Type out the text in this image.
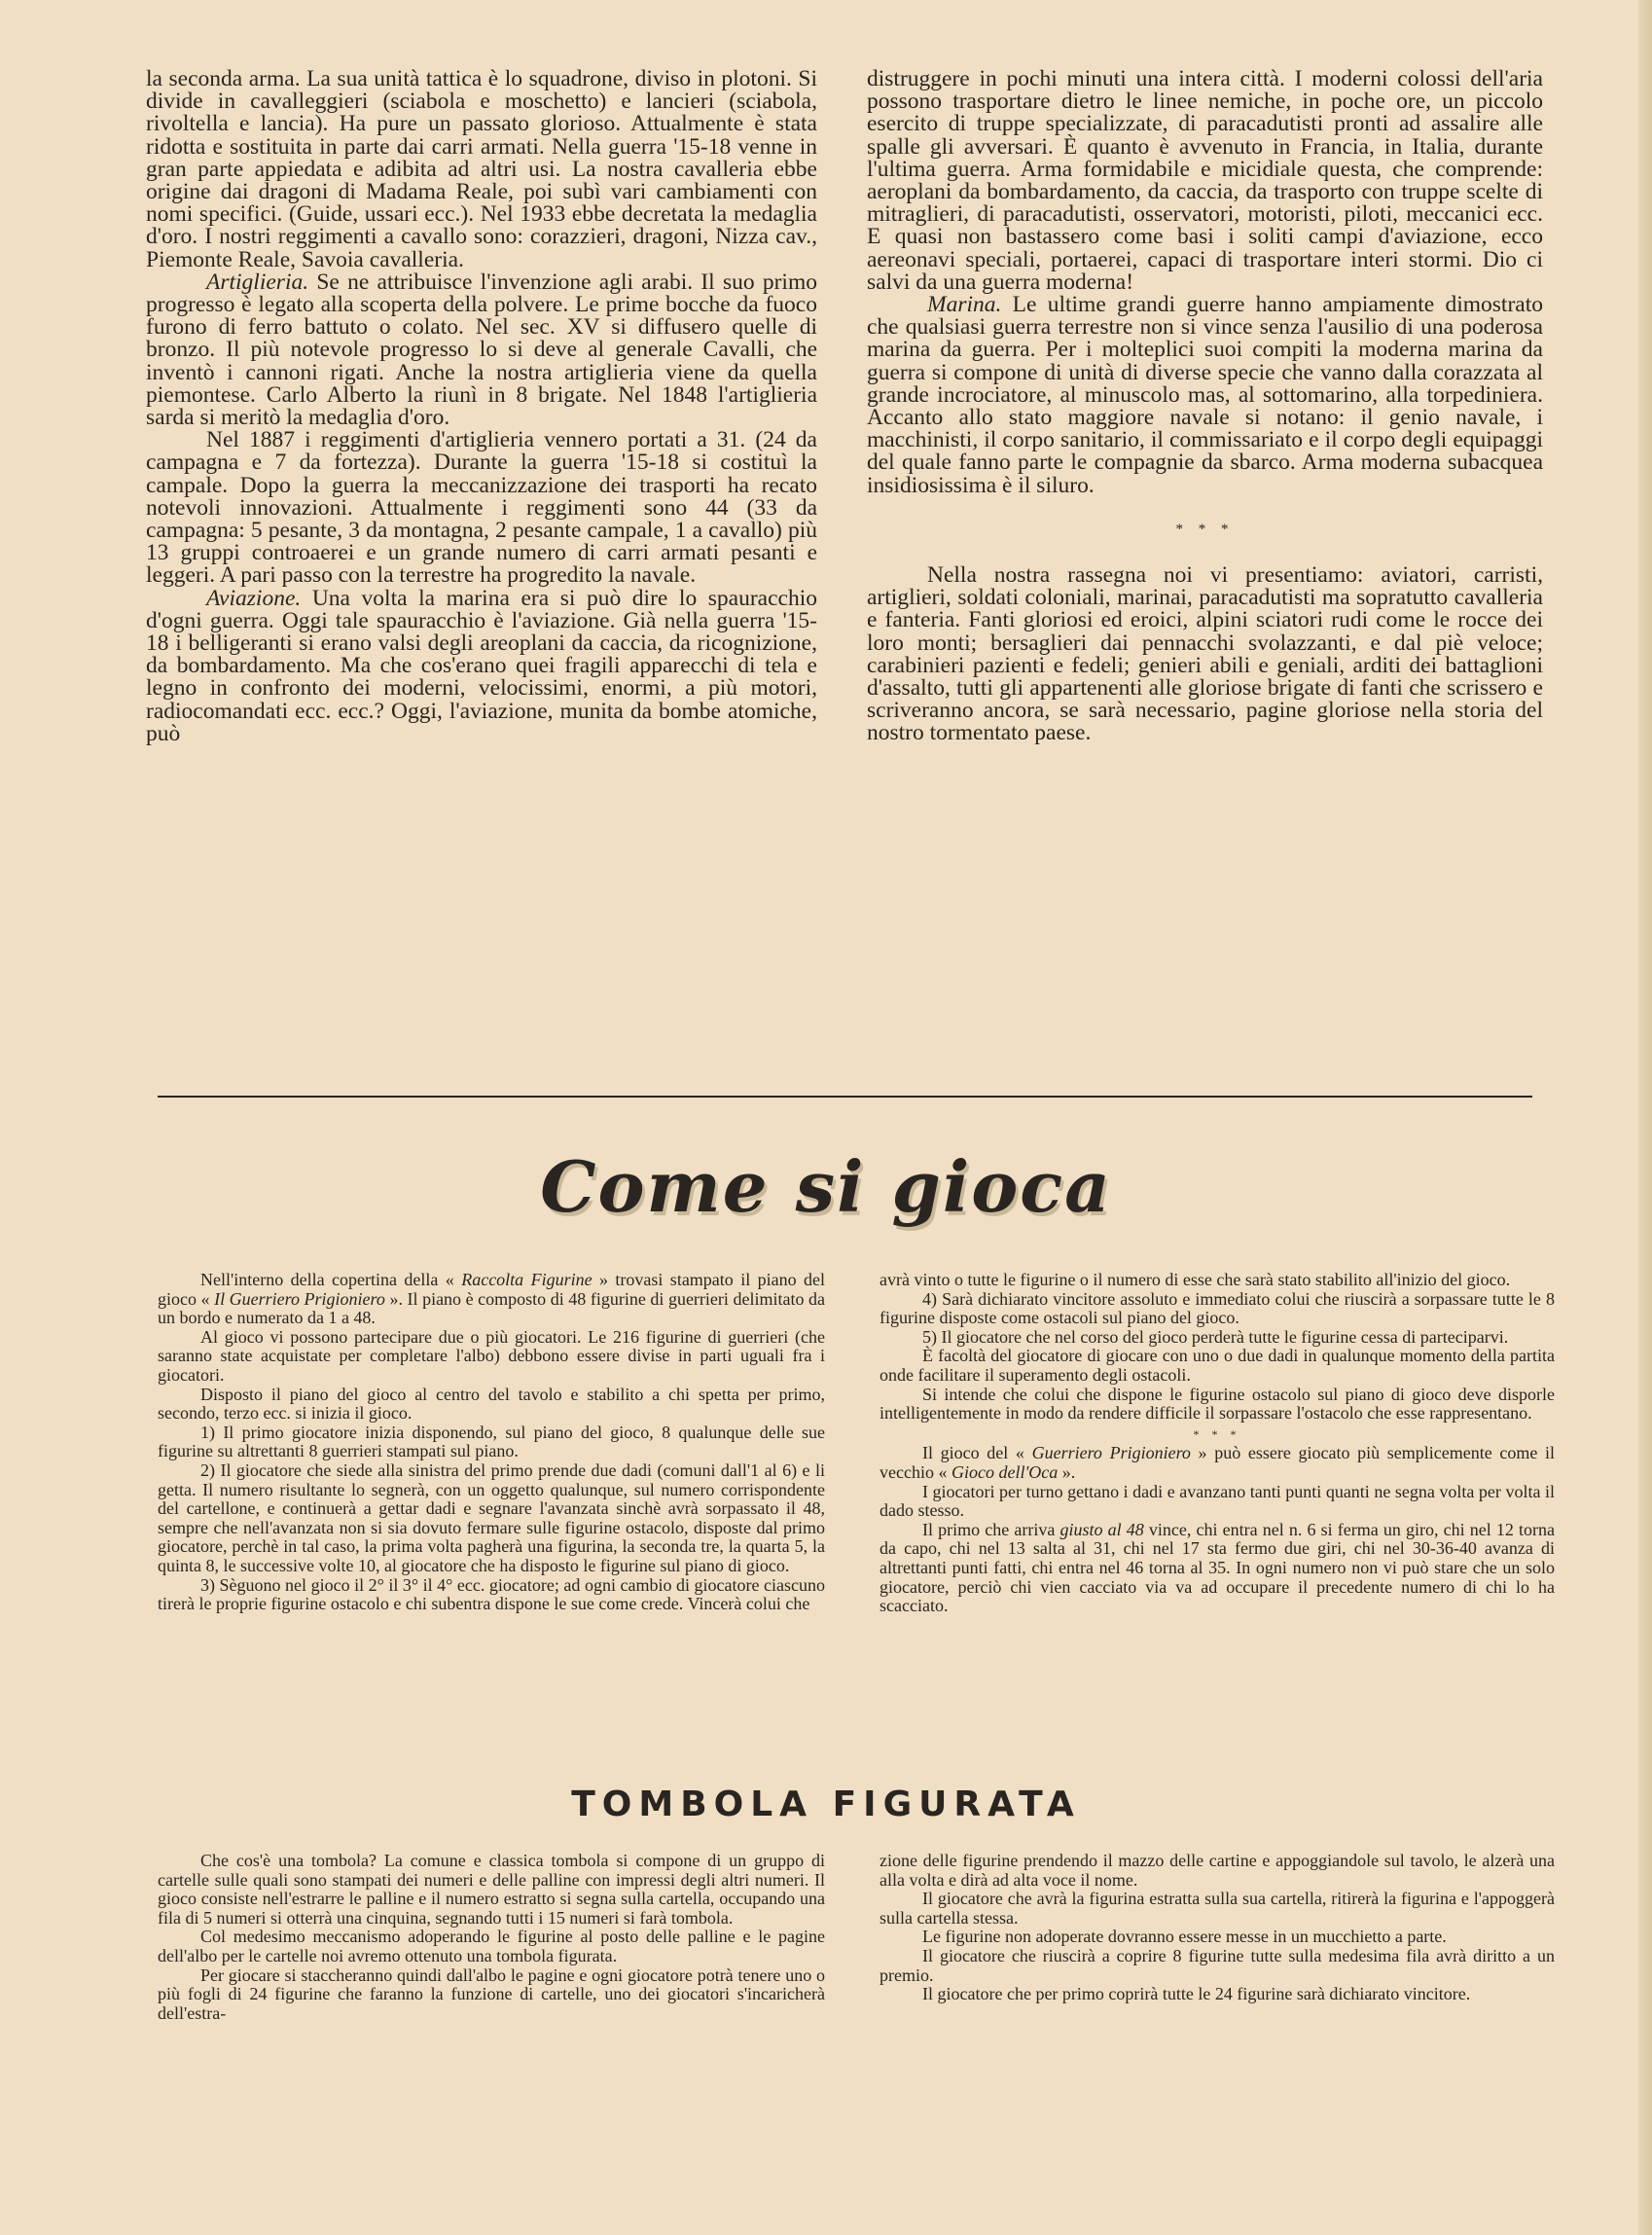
la seconda arma. La sua unità tattica è lo squadrone, diviso in plotoni. Si divide in cavalleggieri (sciabola e moschetto) e lancieri (sciabola, rivoltella e lancia). Ha pure un passato glorioso. Attualmente è stata ridotta e sostituita in parte dai carri armati. Nella guerra '15-18 venne in gran parte appiedata e adibita ad altri usi. La nostra cavalleria ebbe origine dai dragoni di Madama Reale, poi subì vari cambiamenti con nomi specifici. (Guide, ussari ecc.). Nel 1933 ebbe decretata la medaglia d'oro. I nostri reggimenti a cavallo sono: corazzieri, dragoni, Nizza cav., Piemonte Reale, Savoia cavalleria.

Artiglieria. Se ne attribuisce l'invenzione agli arabi. Il suo primo progresso è legato alla scoperta della polvere. Le prime bocche da fuoco furono di ferro battuto o colato. Nel sec. XV si diffusero quelle di bronzo. Il più notevole progresso lo si deve al generale Cavalli, che inventò i cannoni rigati. Anche la nostra artiglieria viene da quella piemontese. Carlo Alberto la riunì in 8 brigate. Nel 1848 l'artiglieria sarda si meritò la medaglia d'oro.

Nel 1887 i reggimenti d'artiglieria vennero portati a 31. (24 da campagna e 7 da fortezza). Durante la guerra '15-18 si costituì la campale. Dopo la guerra la meccanizzazione dei trasporti ha recato notevoli innovazioni. Attualmente i reggimenti sono 44 (33 da campagna: 5 pesante, 3 da montagna, 2 pesante campale, 1 a cavallo) più 13 gruppi controaerei e un grande numero di carri armati pesanti e leggeri. A pari passo con la terrestre ha progredito la navale.

Aviazione. Una volta la marina era si può dire lo spauracchio d'ogni guerra. Oggi tale spauracchio è l'aviazione. Già nella guerra '15-18 i belligeranti si erano valsi degli areoplani da caccia, da ricognizione, da bombardamento. Ma che cos'erano quei fragili apparecchi di tela e legno in confronto dei moderni, velocissimi, enormi, a più motori, radiocomandati ecc. ecc.? Oggi, l'aviazione, munita da bombe atomiche, può

distruggere in pochi minuti una intera città. I moderni colossi dell'aria possono trasportare dietro le linee nemiche, in poche ore, un piccolo esercito di truppe specializzate, di paracadutisti pronti ad assalire alle spalle gli avversari. È quanto è avvenuto in Francia, in Italia, durante l'ultima guerra. Arma formidabile e micidiale questa, che comprende: aeroplani da bombardamento, da caccia, da trasporto con truppe scelte di mitraglieri, di paracadutisti, osservatori, motoristi, piloti, meccanici ecc. E quasi non bastassero come basi i soliti campi d'aviazione, ecco aereonavi speciali, portaerei, capaci di trasportare interi stormi. Dio ci salvi da una guerra moderna!

Marina. Le ultime grandi guerre hanno ampiamente dimostrato che qualsiasi guerra terrestre non si vince senza l'ausilio di una poderosa marina da guerra. Per i molteplici suoi compiti la moderna marina da guerra si compone di unità di diverse specie che vanno dalla corazzata al grande incrociatore, al minuscolo mas, al sottomarino, alla torpediniera. Accanto allo stato maggiore navale si notano: il genio navale, i macchinisti, il corpo sanitario, il commissariato e il corpo degli equipaggi del quale fanno parte le compagnie da sbarco. Arma moderna subacquea insidiosissima è il siluro.

* * *

Nella nostra rassegna noi vi presentiamo: aviatori, carristi, artiglieri, soldati coloniali, marinai, paracadutisti ma sopratutto cavalleria e fanteria. Fanti gloriosi ed eroici, alpini sciatori rudi come le rocce dei loro monti; bersaglieri dai pennacchi svolazzanti, e dal piè veloce; carabinieri pazienti e fedeli; genieri abili e geniali, arditi dei battaglioni d'assalto, tutti gli appartenenti alle gloriose brigate di fanti che scrissero e scriveranno ancora, se sarà necessario, pagine gloriose nella storia del nostro tormentato paese.

Come si gioca

Nell'interno della copertina della « Raccolta Figurine » trovasi stampato il piano del gioco « Il Guerriero Prigioniero ». Il piano è composto di 48 figurine di guerrieri delimitato da un bordo e numerato da 1 a 48.

Al gioco vi possono partecipare due o più giocatori. Le 216 figurine di guerrieri (che saranno state acquistate per completare l'albo) debbono essere divise in parti uguali fra i giocatori.

Disposto il piano del gioco al centro del tavolo e stabilito a chi spetta per primo, secondo, terzo ecc. si inizia il gioco.

1) Il primo giocatore inizia disponendo, sul piano del gioco, 8 qualunque delle sue figurine su altrettanti 8 guerrieri stampati sul piano.

2) Il giocatore che siede alla sinistra del primo prende due dadi (comuni dall'1 al 6) e li getta. Il numero risultante lo segnerà, con un oggetto qualunque, sul numero corrispondente del cartellone, e continuerà a gettar dadi e segnare l'avanzata sinchè avrà sorpassato il 48, sempre che nell'avanzata non si sia dovuto fermare sulle figurine ostacolo, disposte dal primo giocatore, perchè in tal caso, la prima volta pagherà una figurina, la seconda tre, la quarta 5, la quinta 8, le successive volte 10, al giocatore che ha disposto le figurine sul piano di gioco.

3) Sèguono nel gioco il 2° il 3° il 4° ecc. giocatore; ad ogni cambio di giocatore ciascuno tirerà le proprie figurine ostacolo e chi subentra dispone le sue come crede. Vincerà colui che

avrà vinto o tutte le figurine o il numero di esse che sarà stato stabilito all'inizio del gioco.

4) Sarà dichiarato vincitore assoluto e immediato colui che riuscirà a sorpassare tutte le 8 figurine disposte come ostacoli sul piano del gioco.

5) Il giocatore che nel corso del gioco perderà tutte le figurine cessa di parteciparvi.

È facoltà del giocatore di giocare con uno o due dadi in qualunque momento della partita onde facilitare il superamento degli ostacoli.

Si intende che colui che dispone le figurine ostacolo sul piano di gioco deve disporle intelligentemente in modo da rendere difficile il sorpassare l'ostacolo che esse rappresentano.

* * *

Il gioco del « Guerriero Prigioniero » può essere giocato più semplicemente come il vecchio « Gioco dell'Oca ».

I giocatori per turno gettano i dadi e avanzano tanti punti quanti ne segna volta per volta il dado stesso.

Il primo che arriva giusto al 48 vince, chi entra nel n. 6 si ferma un giro, chi nel 12 torna da capo, chi nel 13 salta al 31, chi nel 17 sta fermo due giri, chi nel 30-36-40 avanza di altrettanti punti fatti, chi entra nel 46 torna al 35. In ogni numero non vi può stare che un solo giocatore, perciò chi vien cacciato via va ad occupare il precedente numero di chi lo ha scacciato.

TOMBOLA FIGURATA

Che cos'è una tombola? La comune e classica tombola si compone di un gruppo di cartelle sulle quali sono stampati dei numeri e delle palline con impressi degli altri numeri. Il gioco consiste nell'estrarre le palline e il numero estratto si segna sulla cartella, occupando una fila di 5 numeri si otterrà una cinquina, segnando tutti i 15 numeri si farà tombola.

Col medesimo meccanismo adoperando le figurine al posto delle palline e le pagine dell'albo per le cartelle noi avremo ottenuto una tombola figurata.

Per giocare si staccheranno quindi dall'albo le pagine e ogni giocatore potrà tenere uno o più fogli di 24 figurine che faranno la funzione di cartelle, uno dei giocatori s'incaricherà dell'estra-

zione delle figurine prendendo il mazzo delle cartine e appoggiandole sul tavolo, le alzerà una alla volta e dirà ad alta voce il nome.

Il giocatore che avrà la figurina estratta sulla sua cartella, ritirerà la figurina e l'appoggerà sulla cartella stessa.

Le figurine non adoperate dovranno essere messe in un mucchietto a parte.

Il giocatore che riuscirà a coprire 8 figurine tutte sulla medesima fila avrà diritto a un premio.

Il giocatore che per primo coprirà tutte le 24 figurine sarà dichiarato vincitore.
